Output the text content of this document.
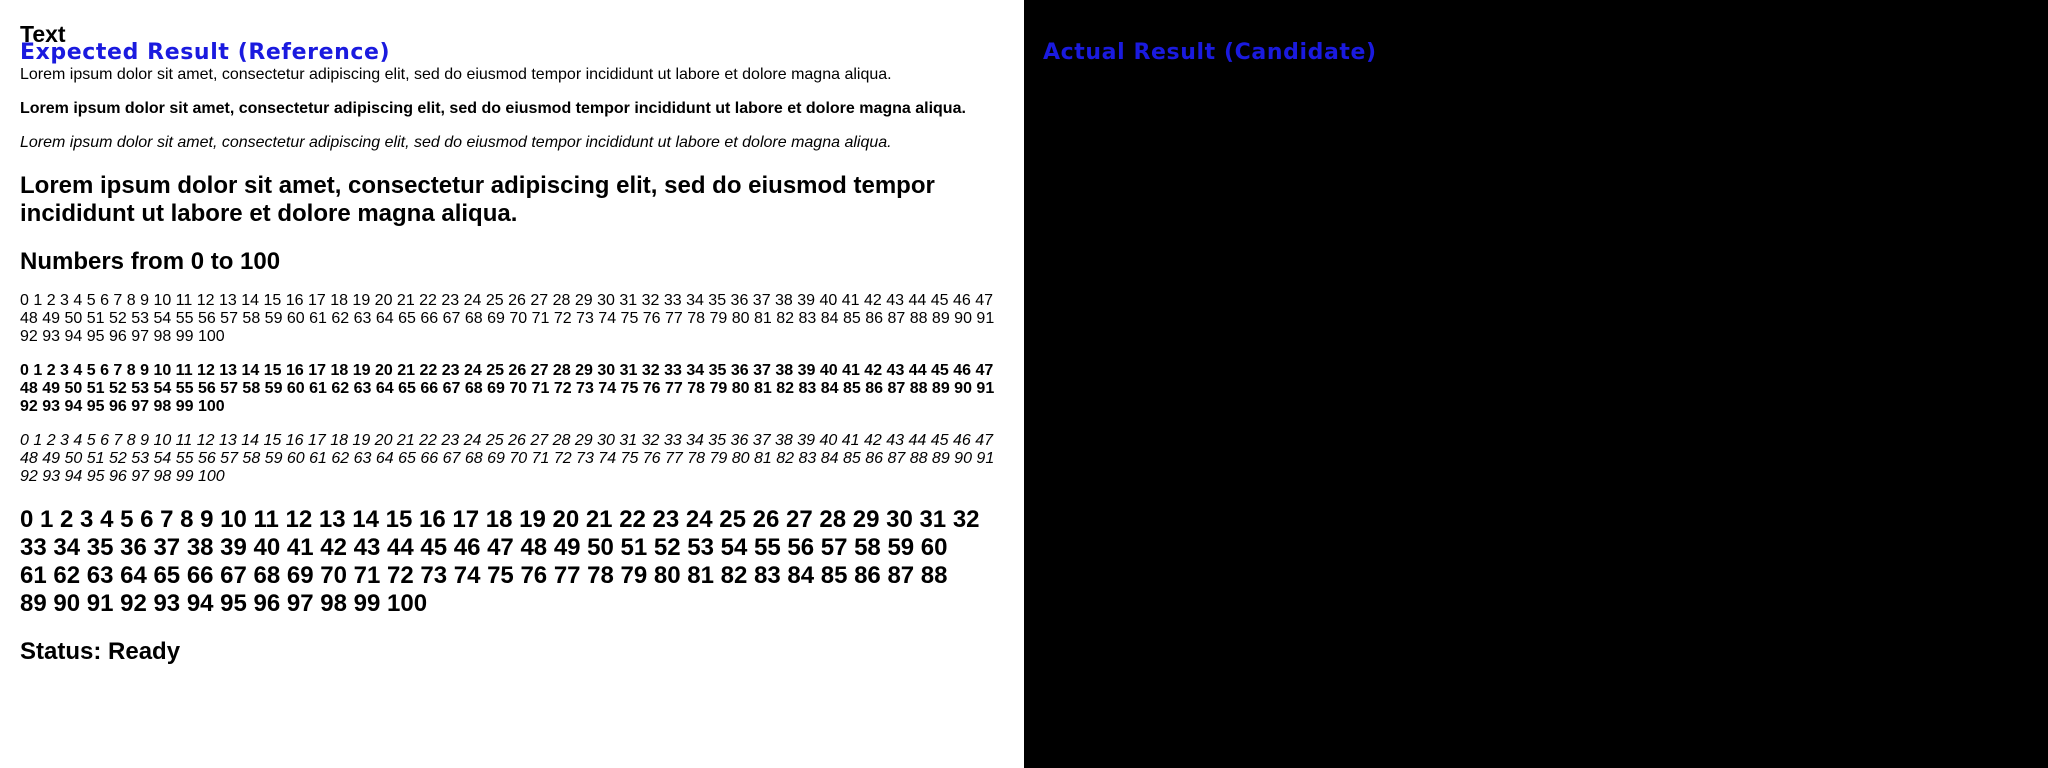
Text
Expected Result (Reference)

Lorem ipsum dolor sit amet, consectetur adipiscing elit, sed do eiusmod tempor incididunt ut labore et dolore magna aliqua.

Lorem ipsum dolor sit amet, consectetur adipiscing elit, sed do eiusmod tempor incididunt ut labore et dolore magna aliqua.

Lorem ipsum dolor sit amet, consectetur adipiscing elit, sed do eiusmod tempor incididunt ut labore et dolore magna aliqua.

Lorem ipsum dolor sit amet, consectetur adipiscing elit, sed do eiusmod tempor incididunt ut labore et dolore magna aliqua.

Numbers from 0 to 100

0 1 2 3 4 5 6 7 8 9 10 11 12 13 14 15 16 17 18 19 20 21 22 23 24 25 26 27 28 29 30 31 32 33 34 35 36 37 38 39 40 41 42 43 44 45 46 47 48 49 50 51 52 53 54 55 56 57 58 59 60 61 62 63 64 65 66 67 68 69 70 71 72 73 74 75 76 77 78 79 80 81 82 83 84 85 86 87 88 89 90 91 92 93 94 95 96 97 98 99 100

0 1 2 3 4 5 6 7 8 9 10 11 12 13 14 15 16 17 18 19 20 21 22 23 24 25 26 27 28 29 30 31 32 33 34 35 36 37 38 39 40 41 42 43 44 45 46 47 48 49 50 51 52 53 54 55 56 57 58 59 60 61 62 63 64 65 66 67 68 69 70 71 72 73 74 75 76 77 78 79 80 81 82 83 84 85 86 87 88 89 90 91 92 93 94 95 96 97 98 99 100

0 1 2 3 4 5 6 7 8 9 10 11 12 13 14 15 16 17 18 19 20 21 22 23 24 25 26 27 28 29 30 31 32 33 34 35 36 37 38 39 40 41 42 43 44 45 46 47 48 49 50 51 52 53 54 55 56 57 58 59 60 61 62 63 64 65 66 67 68 69 70 71 72 73 74 75 76 77 78 79 80 81 82 83 84 85 86 87 88 89 90 91 92 93 94 95 96 97 98 99 100

0 1 2 3 4 5 6 7 8 9 10 11 12 13 14 15 16 17 18 19 20 21 22 23 24 25 26 27 28 29 30 31 32 33 34 35 36 37 38 39 40 41 42 43 44 45 46 47 48 49 50 51 52 53 54 55 56 57 58 59 60 61 62 63 64 65 66 67 68 69 70 71 72 73 74 75 76 77 78 79 80 81 82 83 84 85 86 87 88 89 90 91 92 93 94 95 96 97 98 99 100

Status: Ready

Actual Result (Candidate)
